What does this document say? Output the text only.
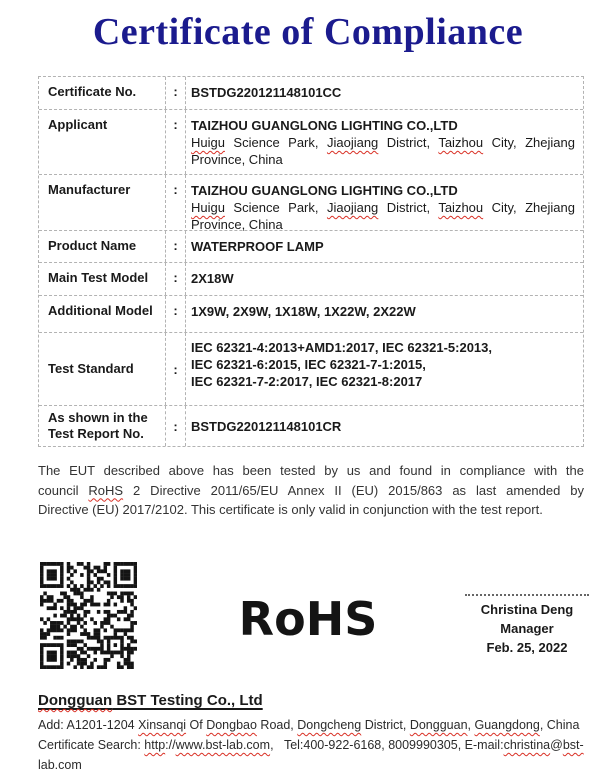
Certificate of Compliance
Certificate No.	:	BSTDG220121148101CC
Applicant	:	TAIZHOU GUANGLONG LIGHTING CO.,LTD
Huigu Science Park, Jiaojiang District, Taizhou City, Zhejiang
Province, China
Manufacturer	:	TAIZHOU GUANGLONG LIGHTING CO.,LTD
Huigu Science Park, Jiaojiang District, Taizhou City, Zhejiang
Province, China
Product Name	:	WATERPROOF LAMP
Main Test Model	:	2X18W
Additional Model	:	1X9W, 2X9W, 1X18W, 1X22W, 2X22W
Test Standard	:
IEC 62321-4:2013+AMD1:2017, IEC 62321-5:2013,
IEC 62321-6:2015, IEC 62321-7-1:2015,
IEC 62321-7-2:2017, IEC 62321-8:2017
As shown in the
Test Report No.	:	BSTDG220121148101CR
The EUT described above has been tested by us and found in compliance with the
council RoHS 2 Directive 2011/65/EU Annex II (EU) 2015/863 as last amended by
Directive (EU) 2017/2102. This certificate is only valid in conjunction with the test report.
RoHS	Christina Deng
Manager
Feb. 25, 2022
Dongguan BST Testing Co., Ltd
Add: A1201-1204 Xinsanqi Of Dongbao Road, Dongcheng District, Dongguan, Guangdong, China
Certificate Search: http://www.bst-lab.com,   Tel:400-922-6168, 8009990305, E-mail:christina@bst-lab.com
